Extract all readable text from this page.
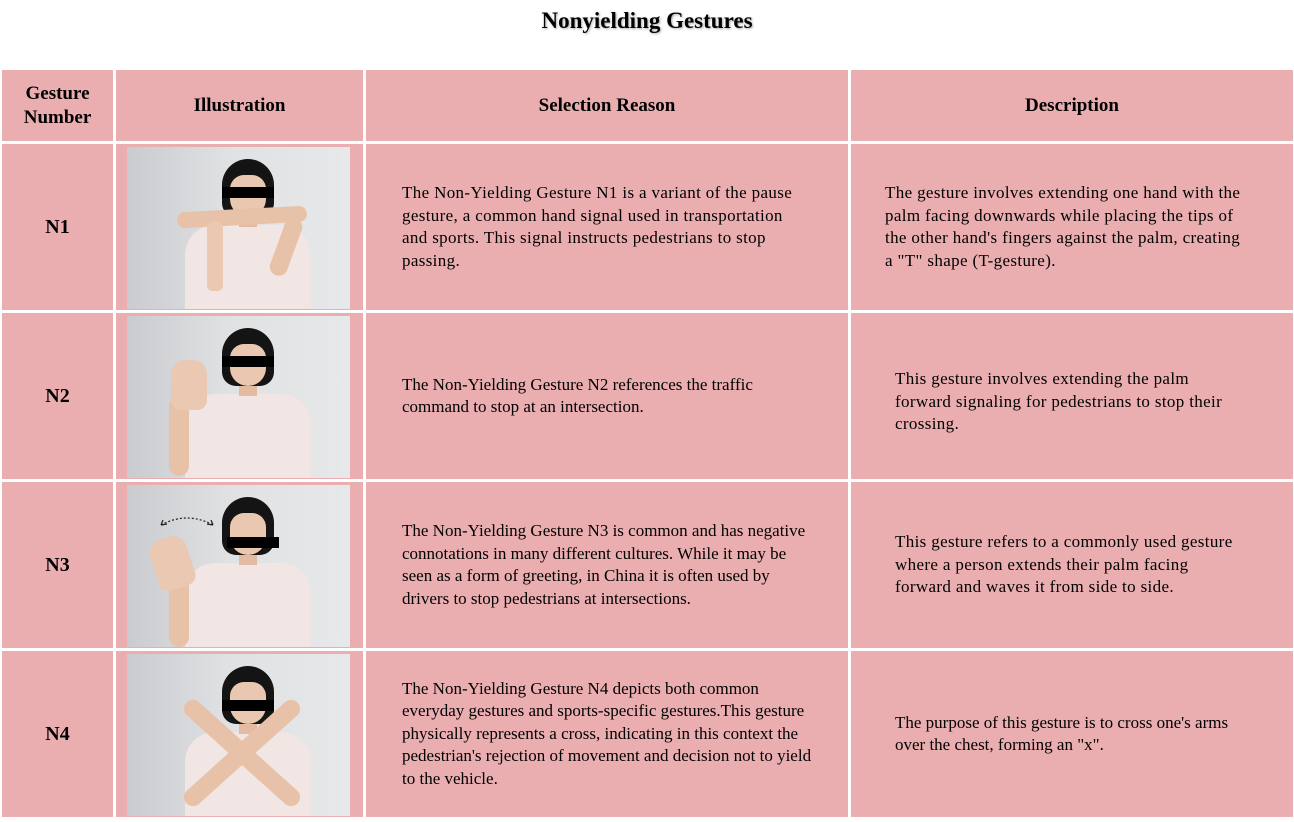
Nonyielding Gestures
Gesture Number
Illustration	Selection Reason	Description
N1
The Non-Yielding Gesture N1 is a variant of the pause gesture, a common hand signal used in transportation and sports. This signal instructs pedestrians to stop passing.
The gesture involves extending one hand with the palm facing downwards while placing the tips of the other hand's fingers against the palm, creating a "T" shape (T-gesture).
N2
The Non-Yielding Gesture N2 references the traffic command to stop at an intersection.
This gesture involves extending the palm forward signaling for pedestrians to stop their crossing.
N3
The Non-Yielding Gesture N3 is common and has negative connotations in many different cultures. While it may be seen as a form of greeting, in China it is often used by drivers to stop pedestrians at intersections.
This gesture refers to a commonly used gesture where a person extends their palm facing forward and waves it from side to side.
N4
The Non-Yielding Gesture N4 depicts both common everyday gestures and sports-specific gestures.This gesture physically represents a cross, indicating in this context the pedestrian's rejection of movement and decision not to yield to the vehicle.
The purpose of this gesture is to cross one's arms over the chest, forming an "x".
